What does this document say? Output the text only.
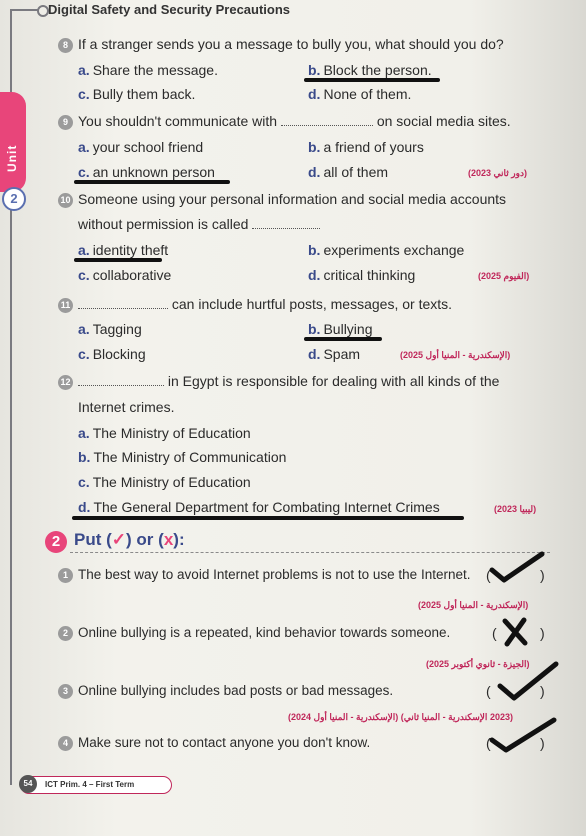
Digital Safety and Security Precautions
2
Unit
8 If a stranger sends you a message to bully you, what should you do?
a. Share the message.	b. Block the person.
c. Bully them back.	d. None of them.
9 You shouldn't communicate with	on social media sites.
a. your school friend	b. a friend of yours
c. an unknown person	d. all of them	(2023 دور ثاني)
10 Someone using your personal information and social media accounts
without permission is called
a. identity theft	b. experiments exchange
c. collaborative	d. critical thinking	(2025 الفيوم)
11	can include hurtful posts, messages, or texts.
a. Tagging	b. Bullying
c. Blocking	d. Spam	(2025 الإسكندرية - المنيا أول)
12	in Egypt is responsible for dealing with all kinds of the
Internet crimes.
a. The Ministry of Education
b. The Ministry of Communication
c. The Ministry of Education
d. The General Department for Combating Internet Crimes	(2023 ليبيا)
2 Put (✓) or (x):
1 The best way to avoid Internet problems is not to use the Internet. (	)
(2025 الإسكندرية - المنيا أول)
2 Online bullying is a repeated, kind behavior towards someone.	(	)
(2025 الجيزة - ثانوي أكتوبر)
3 Online bullying includes bad posts or bad messages.	(	)
(2024 الإسكندرية - المنيا أول) (2023 الإسكندرية - المنيا ثاني)
4 Make sure not to contact anyone you don't know.	(	)
54	ICT Prim. 4 – First Term
